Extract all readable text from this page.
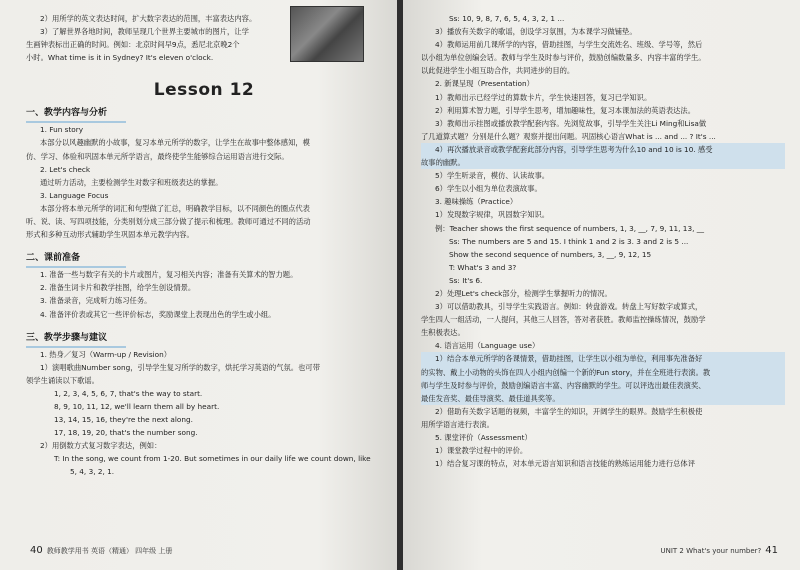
2）用所学的英文表达时间，扩大数字表达的范围，丰富表达内容。

3）了解世界各地时间，教师呈现几个世界主要城市的图片，让学

生画钟表标出正确的时间。例如：北京时间早9点，悉尼北京晚2个

小时。What time is it in Sydney? It's eleven o'clock.

Lesson 12
一、教学内容与分析

1. Fun story

本部分以风趣幽默的小故事，复习本单元所学的数字，让学生在故事中整体感知，模

仿、学习、体验和巩固本单元所学语言，最终使学生能够综合运用语言进行交际。

2. Let's check

通过听力活动，主要检测学生对数字和班级表达的掌握。

3. Language Focus

本部分将本单元所学的词汇和句型做了汇总，明确教学目标，以不同颜色的圈点代表

听、说、读、写四项技能，分类别划分成三部分做了提示和梳理。教师可通过不同的活动

形式和多种互动形式辅助学生巩固本单元教学内容。

二、课前准备

1. 准备一些与数字有关的卡片或图片，复习相关内容；准备有关算术的智力题。

2. 准备生词卡片和教学挂图，给学生创设情景。

3. 准备录音，完成听力练习任务。

4. 准备评价表或其它一些评价标志，奖励课堂上表现出色的学生或小组。

三、教学步骤与建议

1. 热身／复习（Warm-up / Revision）

1）演唱歌曲Number song，引导学生复习所学的数字，烘托学习英语的气氛。也可带

领学生诵读以下歌谣。

1, 2, 3, 4, 5, 6, 7, that's the way to start.

8, 9, 10, 11, 12, we'll learn them all by heart.

13, 14, 15, 16, they're the next along.

17, 18, 19, 20, that's the number song.

2）用倒数方式复习数字表达，例如：

T: In the song, we count from 1-20. But sometimes in our daily life we count down, like

5, 4, 3, 2, 1.

40 教师教学用书 英语（精通） 四年级 上册

Ss: 10, 9, 8, 7, 6, 5, 4, 3, 2, 1 ...

3）播放有关数字的歌谣，创设学习氛围，为本课学习做铺垫。

4）教师运用前几课所学的内容，借助挂图，与学生交流姓名、班级、学号等，然后

以小组为单位创编会话。教师与学生及时参与评价，鼓励创编数量多、内容丰富的学生。

以此促进学生小组互助合作，共同进步的目的。

2. 新课呈现（Presentation）

1）教师出示已经学过的算数卡片，学生快速回答，复习已学知识。

2）利用算术智力题，引导学生思考，增加趣味性，复习本课加法的英语表达法。

3）教师出示挂图或播放教学配套内容。先浏览故事，引导学生关注Li Ming和Lisa做

了几道算式题？分别是什么题？观察并提出问题。巩固核心语言What is ... and ... ? It's ...

4）再次播放录音或教学配套此部分内容，引导学生思考为什么10 and 10 is 10. 感受

故事的幽默。

5）学生听录音，模仿、认读故事。

6）学生以小组为单位表演故事。

3. 趣味操练（Practice）

1）发现数字规律，巩固数字知识。

例：Teacher shows the first sequence of numbers, 1, 3, __, 7, 9, 11, 13, __

Ss: The numbers are 5 and 15. I think 1 and 2 is 3. 3 and 2 is 5 ...

Show the second sequence of numbers, 3, __, 9, 12, 15

T: What's 3 and 3?

Ss: It's 6.

2）处理Let's check部分，检测学生掌握听力的情况。

3）可以借助教具，引导学生实践语言。例如：转盘游戏。转盘上写好数字或算式，

学生四人一组活动，一人提问，其他三人回答，答对者获胜。教师监控操练情况，鼓励学

生积极表达。

4. 语言运用（Language use）

1）结合本单元所学的各课情景，借助挂图，让学生以小组为单位，利用事先准备好

的实物、戴上小动物的头饰在四人小组内创编一个新的Fun story，并在全班进行表演。教

师与学生及时参与评价，鼓励创编语言丰富、内容幽默的学生。可以评选出最佳表演奖、

最佳发音奖、最佳导演奖、最佳道具奖等。

2）借助有关数字话题的视频，丰富学生的知识，开阔学生的眼界。鼓励学生积极使

用所学语言进行表演。

5. 课堂评价（Assessment）

1）课堂教学过程中的评价。

1）结合复习课的特点，对本单元语言知识和语言技能的熟练运用能力进行总体评

UNIT 2 What's your number? 41
